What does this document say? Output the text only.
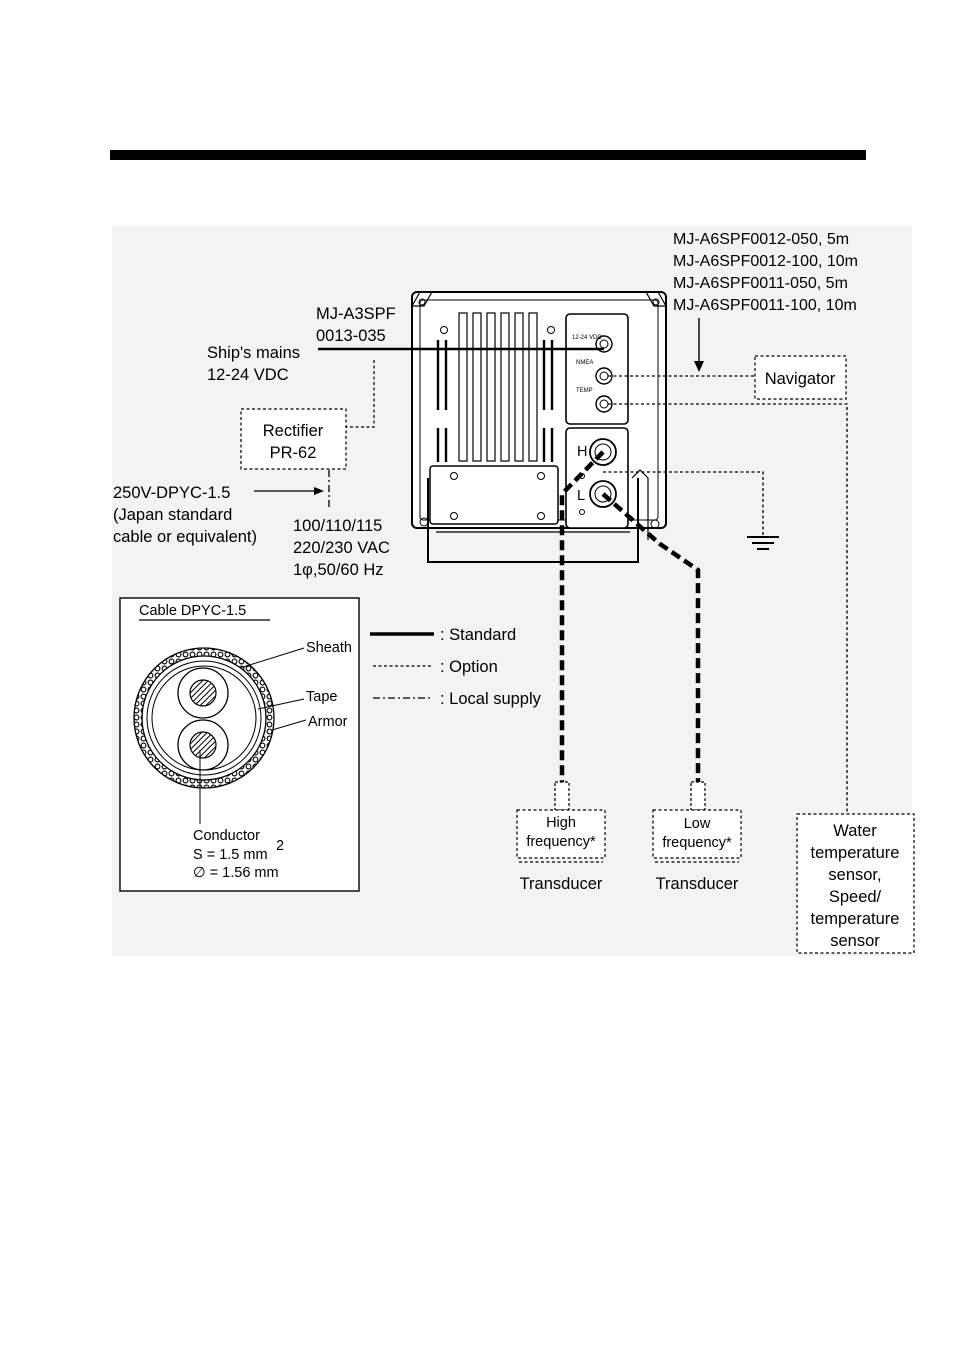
12-24 VDC
NMEA
TEMP
H
L
MJ-A6SPF0012-050, 5m
MJ-A6SPF0012-100, 10m
MJ-A6SPF0011-050, 5m
MJ-A6SPF0011-100, 10m
MJ-A3SPF
0013-035
Ship's mains
12-24 VDC
Rectifier
PR-62
Navigator
250V-DPYC-1.5
(Japan standard
cable or equivalent)
100/110/115
220/230 VAC
1φ,50/60 Hz
Cable DPYC-1.5
Sheath
Tape
Armor
Conductor
S = 1.5 mm
2
∅ = 1.56 mm
: Standard
: Option
: Local supply
High
frequency*
Transducer
Low
frequency*
Transducer
Water
temperature
sensor,
Speed/
temperature
sensor
